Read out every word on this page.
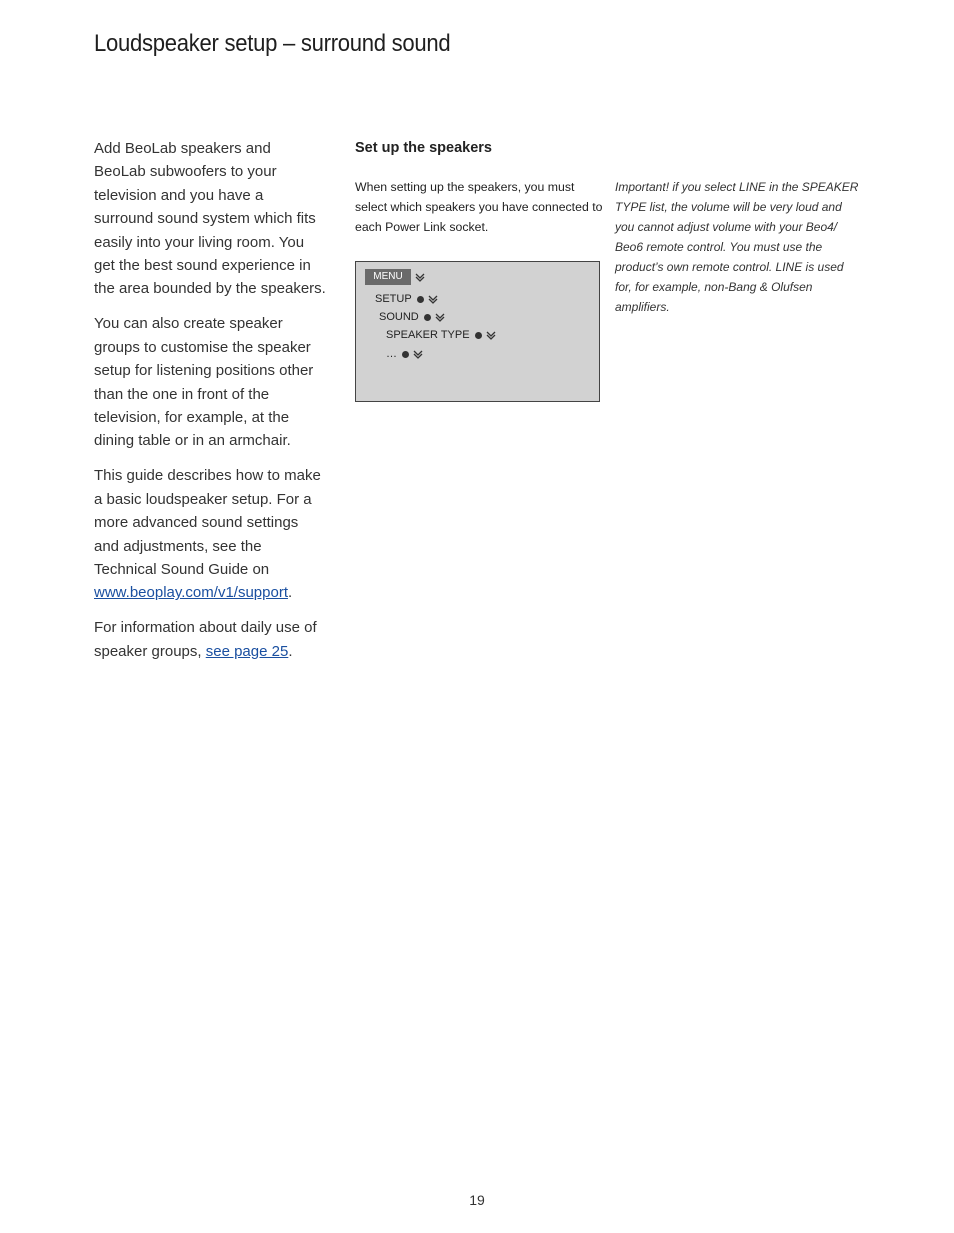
Loudspeaker setup – surround sound

Add BeoLab speakers and BeoLab subwoofers to your television and you have a surround sound system which fits easily into your living room. You get the best sound experience in the area bounded by the speakers.

You can also create speaker groups to customise the speaker setup for listening positions other than the one in front of the television, for example, at the dining table or in an armchair.

This guide describes how to make a basic loudspeaker setup. For a more advanced sound settings and adjustments, see the Technical Sound Guide on www.beoplay.com/v1/support.

For information about daily use of speaker groups, see page 25.

Set up the speakers
When setting up the speakers, you must select which speakers you have connected to each Power Link socket.
MENU
SETUP
SOUND
SPEAKER TYPE
…
Important! if you select LINE in the SPEAKER TYPE list, the volume will be very loud and you cannot adjust volume with your Beo4/ Beo6 remote control. You must use the product’s own remote control. LINE is used for, for example, non-Bang & Olufsen amplifiers.
19
